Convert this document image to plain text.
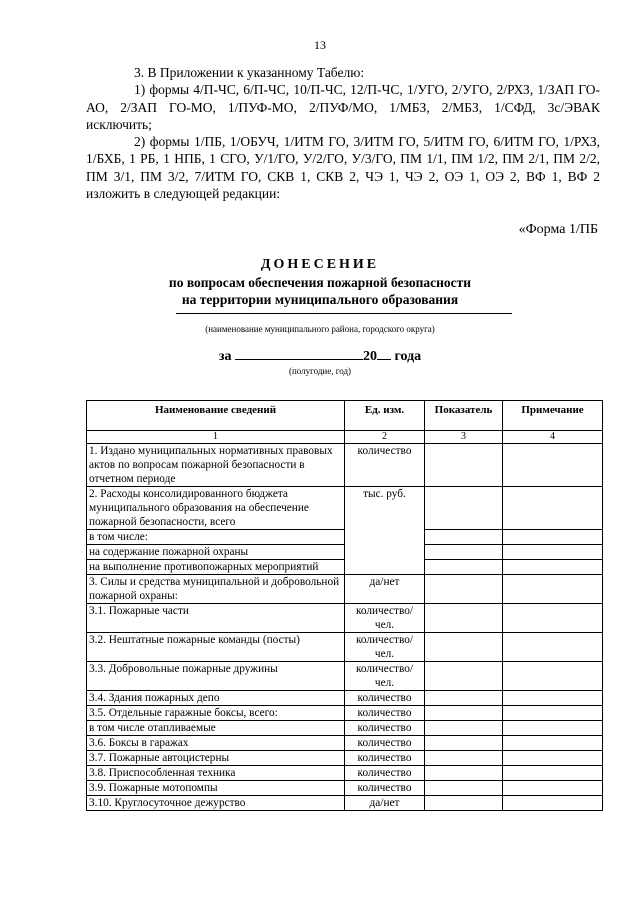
13

3. В Приложении к указанному Табелю:

1) формы 4/П-ЧС, 6/П-ЧС, 10/П-ЧС, 12/П-ЧС, 1/УГО, 2/УГО, 2/РХЗ, 1/ЗАП ГО-АО, 2/ЗАП ГО-МО, 1/ПУФ-МО, 2/ПУФ/МО, 1/МБЗ, 2/МБЗ, 1/СФД, 3с/ЭВАК исключить;

2) формы 1/ПБ, 1/ОБУЧ, 1/ИТМ ГО, 3/ИТМ ГО, 5/ИТМ ГО, 6/ИТМ ГО, 1/РХЗ, 1/БХБ, 1 РБ, 1 НПБ, 1 СГО, У/1/ГО, У/2/ГО, У/3/ГО, ПМ 1/1, ПМ 1/2, ПМ 2/1, ПМ 2/2, ПМ 3/1, ПМ 3/2, 7/ИТМ ГО, СКВ 1, СКВ 2, ЧЭ 1, ЧЭ 2, ОЭ 1, ОЭ 2, ВФ 1, ВФ 2 изложить в следующей редакции:

«Форма 1/ПБ
ДОНЕСЕНИЕ
по вопросам обеспечения пожарной безопасности
на территории муниципального образования
(наименование муниципального района, городского округа)
за	20 года
(полугодие, год)
Наименование сведений	Ед. изм.	Показатель	Примечание
1	2	3	4
1. Издано муниципальных нормативных правовых актов по вопросам пожарной безопасности в отчетном периоде	количество		
2. Расходы консолидированного бюджета муниципального образования на обеспечение пожарной безопасности, всего	тыс. руб.		
в том числе:			
на содержание пожарной охраны			
на выполнение противопожарных мероприятий			
3. Силы и средства муниципальной и добровольной пожарной охраны:	да/нет		
3.1. Пожарные части	количество/ чел.		
3.2. Нештатные пожарные команды (посты)	количество/ чел.		
3.3. Добровольные пожарные дружины	количество/ чел.		
3.4. Здания пожарных депо	количество		
3.5. Отдельные гаражные боксы, всего:	количество		
в том числе отапливаемые	количество		
3.6. Боксы в гаражах	количество		
3.7. Пожарные автоцистерны	количество		
3.8. Приспособленная техника	количество		
3.9. Пожарные мотопомпы	количество		
3.10. Круглосуточное дежурство	да/нет		
